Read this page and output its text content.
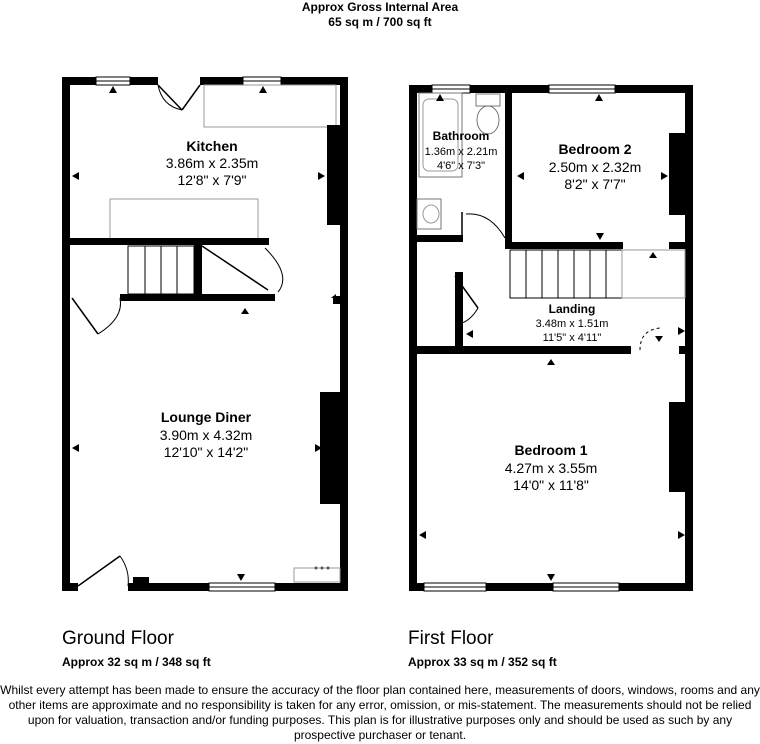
Approx Gross Internal Area
65 sq m / 700 sq ft
Kitchen
3.86m x 2.35m
12'8" x 7'9"
Lounge Diner
3.90m x 4.32m
12'10" x 14'2"
Bathroom
1.36m x 2.21m
4'6" x 7'3"
Bedroom 2
2.50m x 2.32m
8'2" x 7'7"
Landing
3.48m x 1.51m
11'5" x 4'11"
Bedroom 1
4.27m x 3.55m
14'0" x 11'8"
Ground Floor
Approx 32 sq m / 348 sq ft
First Floor
Approx 33 sq m / 352 sq ft
Whilst every attempt has been made to ensure the accuracy of the floor plan contained here, measurements of doors, windows, rooms and any other items are approximate and no responsibility is taken for any error, omission, or mis-statement. The measurements should not be relied upon for valuation, transaction and/or funding purposes. This plan is for illustrative purposes only and should be used as such by any prospective purchaser or tenant.
